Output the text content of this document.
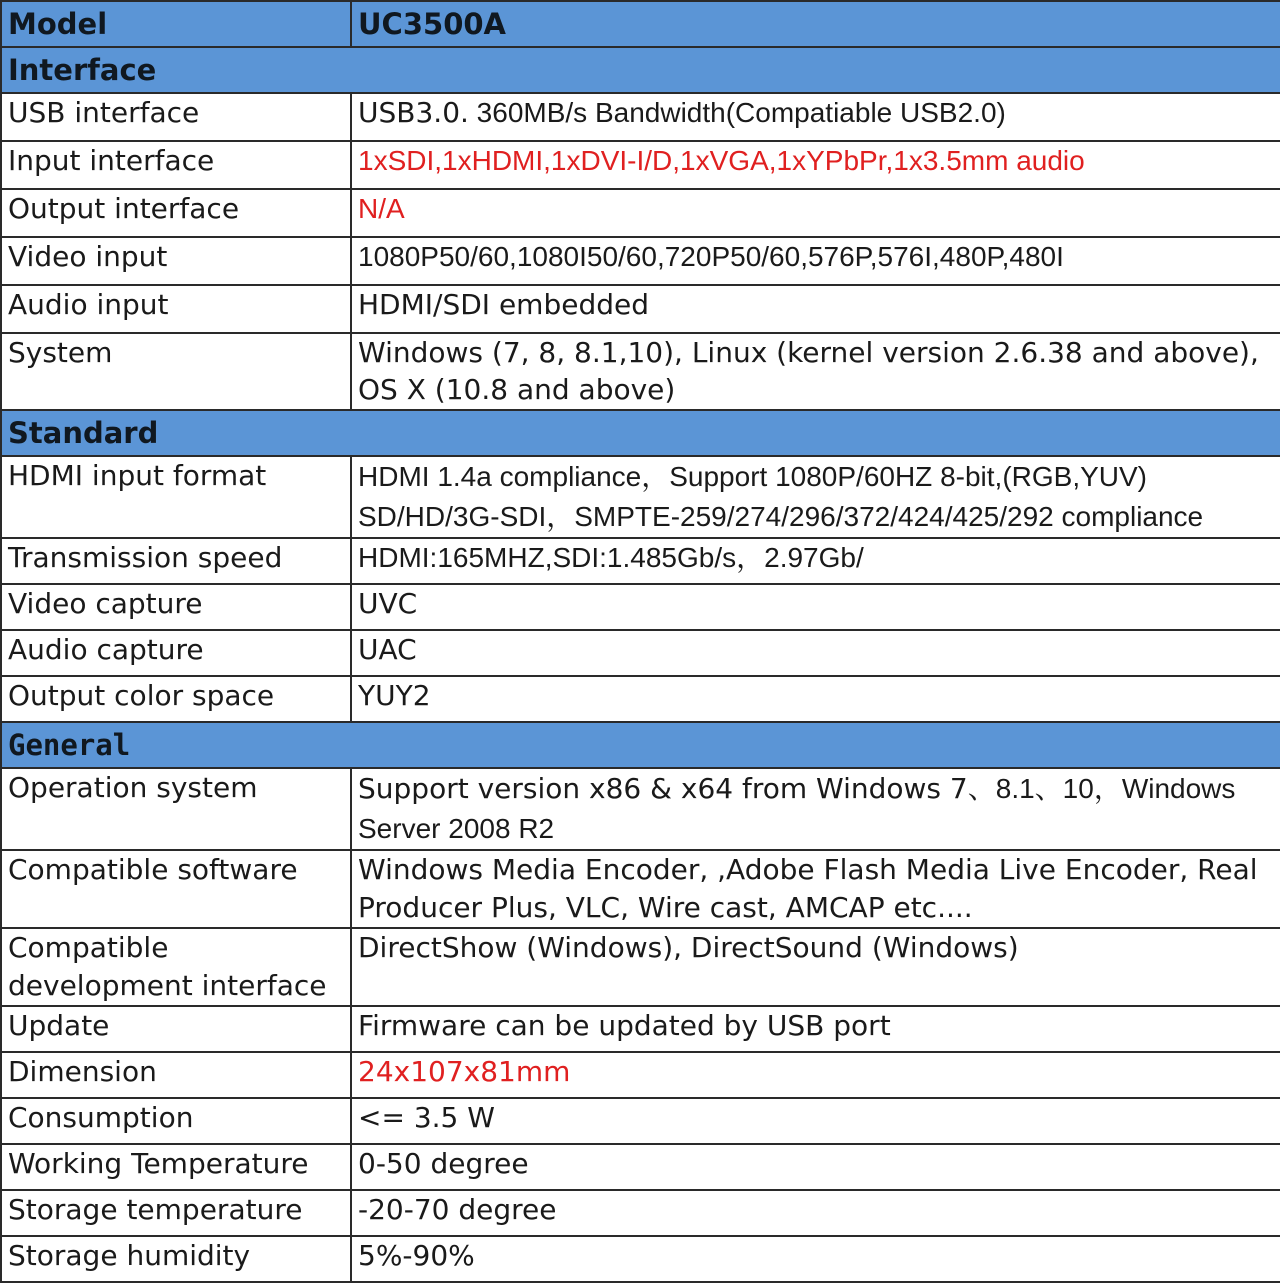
Model	UC3500A
Interface	
USB interface	USB3.0. 360MB/s Bandwidth(Compatiable USB2.0)
Input interface	1xSDI,1xHDMI,1xDVI-I/D,1xVGA,1xYPbPr,1x3.5mm audio
Output interface	N/A
Video input	1080P50/60,1080I50/60,720P50/60,576P,576I,480P,480I
Audio input	HDMI/SDI embedded
System	Windows (7, 8, 8.1,10), Linux (kernel version 2.6.38 and above), OS X (10.8 and above)
Standard	
HDMI input format	HDMI 1.4a compliance，Support 1080P/60HZ 8-bit,(RGB,YUV)
SD/HD/3G-SDI，SMPTE-259/274/296/372/424/425/292 compliance

Transmission speed	HDMI:165MHZ,SDI:1.485Gb/s，2.97Gb/
Video capture	UVC
Audio capture	UAC
Output color space	YUY2
General	
Operation system	Support version x86 & x64 from Windows 7、8.1、10，Windows Server 2008 R2
Compatible software	Windows Media Encoder, ,Adobe Flash Media Live Encoder, Real Producer Plus, VLC, Wire cast, AMCAP etc....
Compatible development interface	DirectShow (Windows), DirectSound (Windows)
Update	Firmware can be updated by USB port
Dimension	24x107x81mm
Consumption	<= 3.5 W
Working Temperature	0-50 degree
Storage temperature	-20-70 degree
Storage humidity	5%-90%
